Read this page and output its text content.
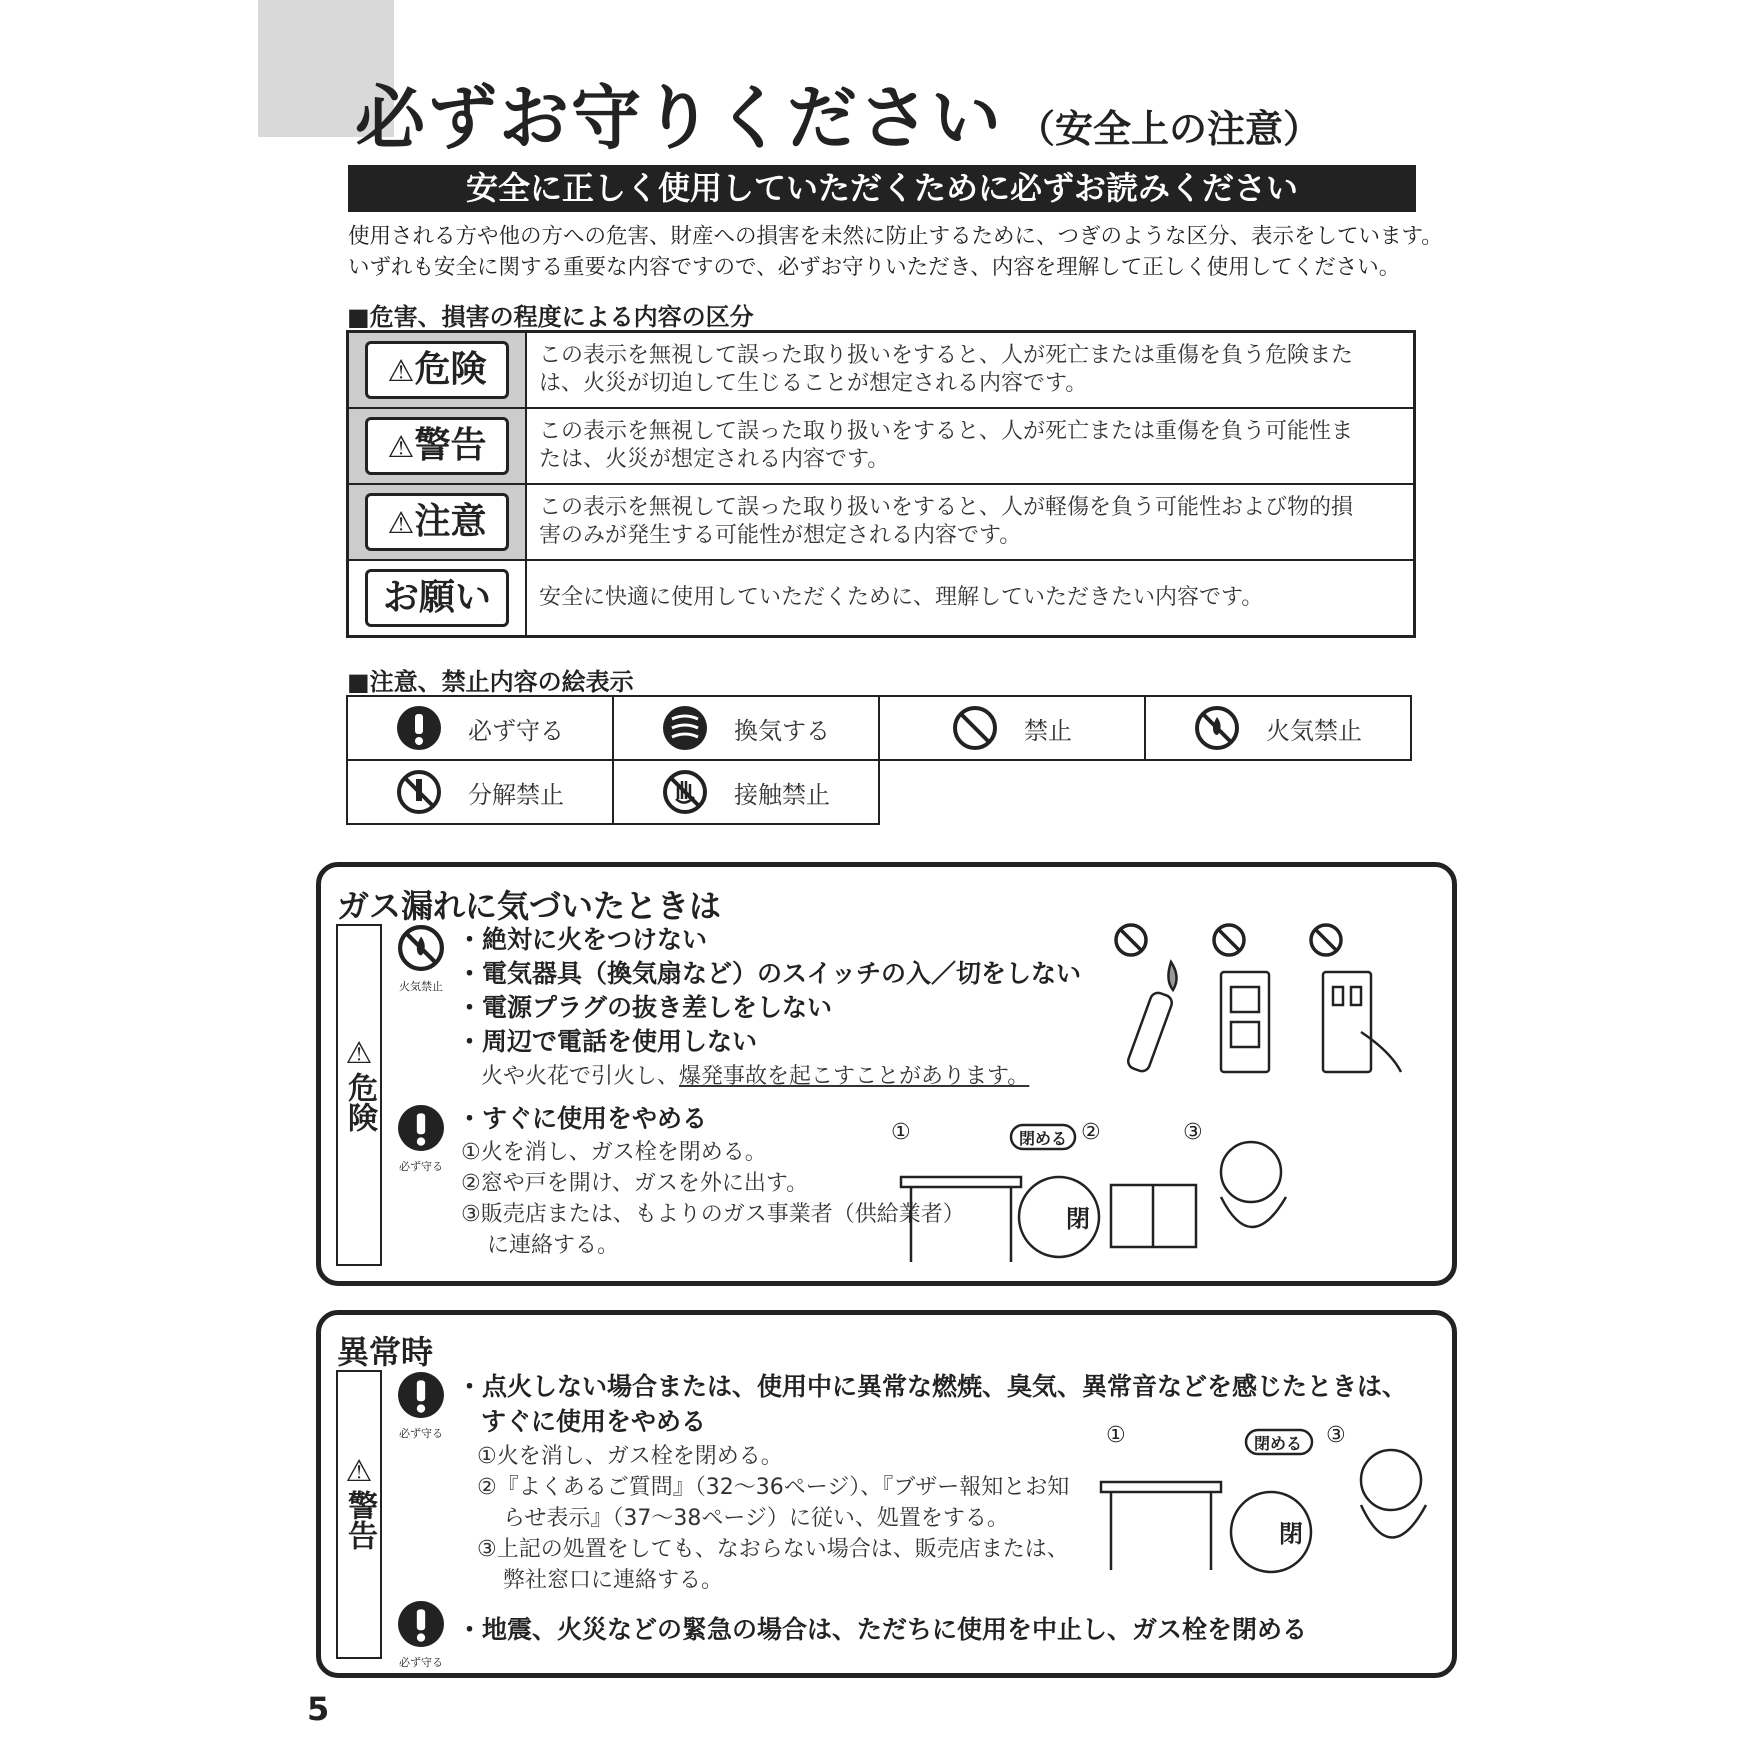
必ずお守りください （安全上の注意）
安全に正しく使用していただくために必ずお読みください
使用される方や他の方への危害、財産への損害を未然に防止するために、つぎのような区分、表示をしています。
いずれも安全に関する重要な内容ですので、必ずお守りいただき、内容を理解して正しく使用してください。
■危害、損害の程度による内容の区分
⚠危険	この表示を無視して誤った取り扱いをすると、人が死亡または重傷を負う危険また
は、火災が切迫して生じることが想定される内容です。

⚠警告	この表示を無視して誤った取り扱いをすると、人が死亡または重傷を負う可能性ま
たは、火災が想定される内容です。

⚠注意	この表示を無視して誤った取り扱いをすると、人が軽傷を負う可能性および物的損
害のみが発生する可能性が想定される内容です。

お願い	安全に快適に使用していただくために、理解していただきたい内容です。
■注意、禁止内容の絵表示
必ず守る	換気する	禁止	火気禁止

分解禁止	接触禁止		

ガス漏れに気づいたときは
⚠
危険
火気禁止
・絶対に火をつけない
・電気器具（換気扇など）のスイッチの入／切をしない
・電源プラグの抜き差しをしない
・周辺で電話を使用しない
火や火花で引火し、爆発事故を起こすことがあります。
必ず守る
・すぐに使用をやめる
①火を消し、ガス栓を閉める。
②窓や戸を開け、ガスを外に出す。
③販売店または、もよりのガス事業者（供給業者）
に連絡する。
①	②	③
閉める
閉
異常時
⚠
警告
必ず守る
・点火しない場合または、使用中に異常な燃焼、臭気、異常音などを感じたときは、
すぐに使用をやめる
①火を消し、ガス栓を閉める。
②『よくあるご質問』（32〜36ページ）、『ブザー報知とお知
らせ表示』（37〜38ページ）に従い、処置をする。
③上記の処置をしても、なおらない場合は、販売店または、
弊社窓口に連絡する。
必ず守る
・地震、火災などの緊急の場合は、ただちに使用を中止し、ガス栓を閉める
①	③
閉める
閉
5
